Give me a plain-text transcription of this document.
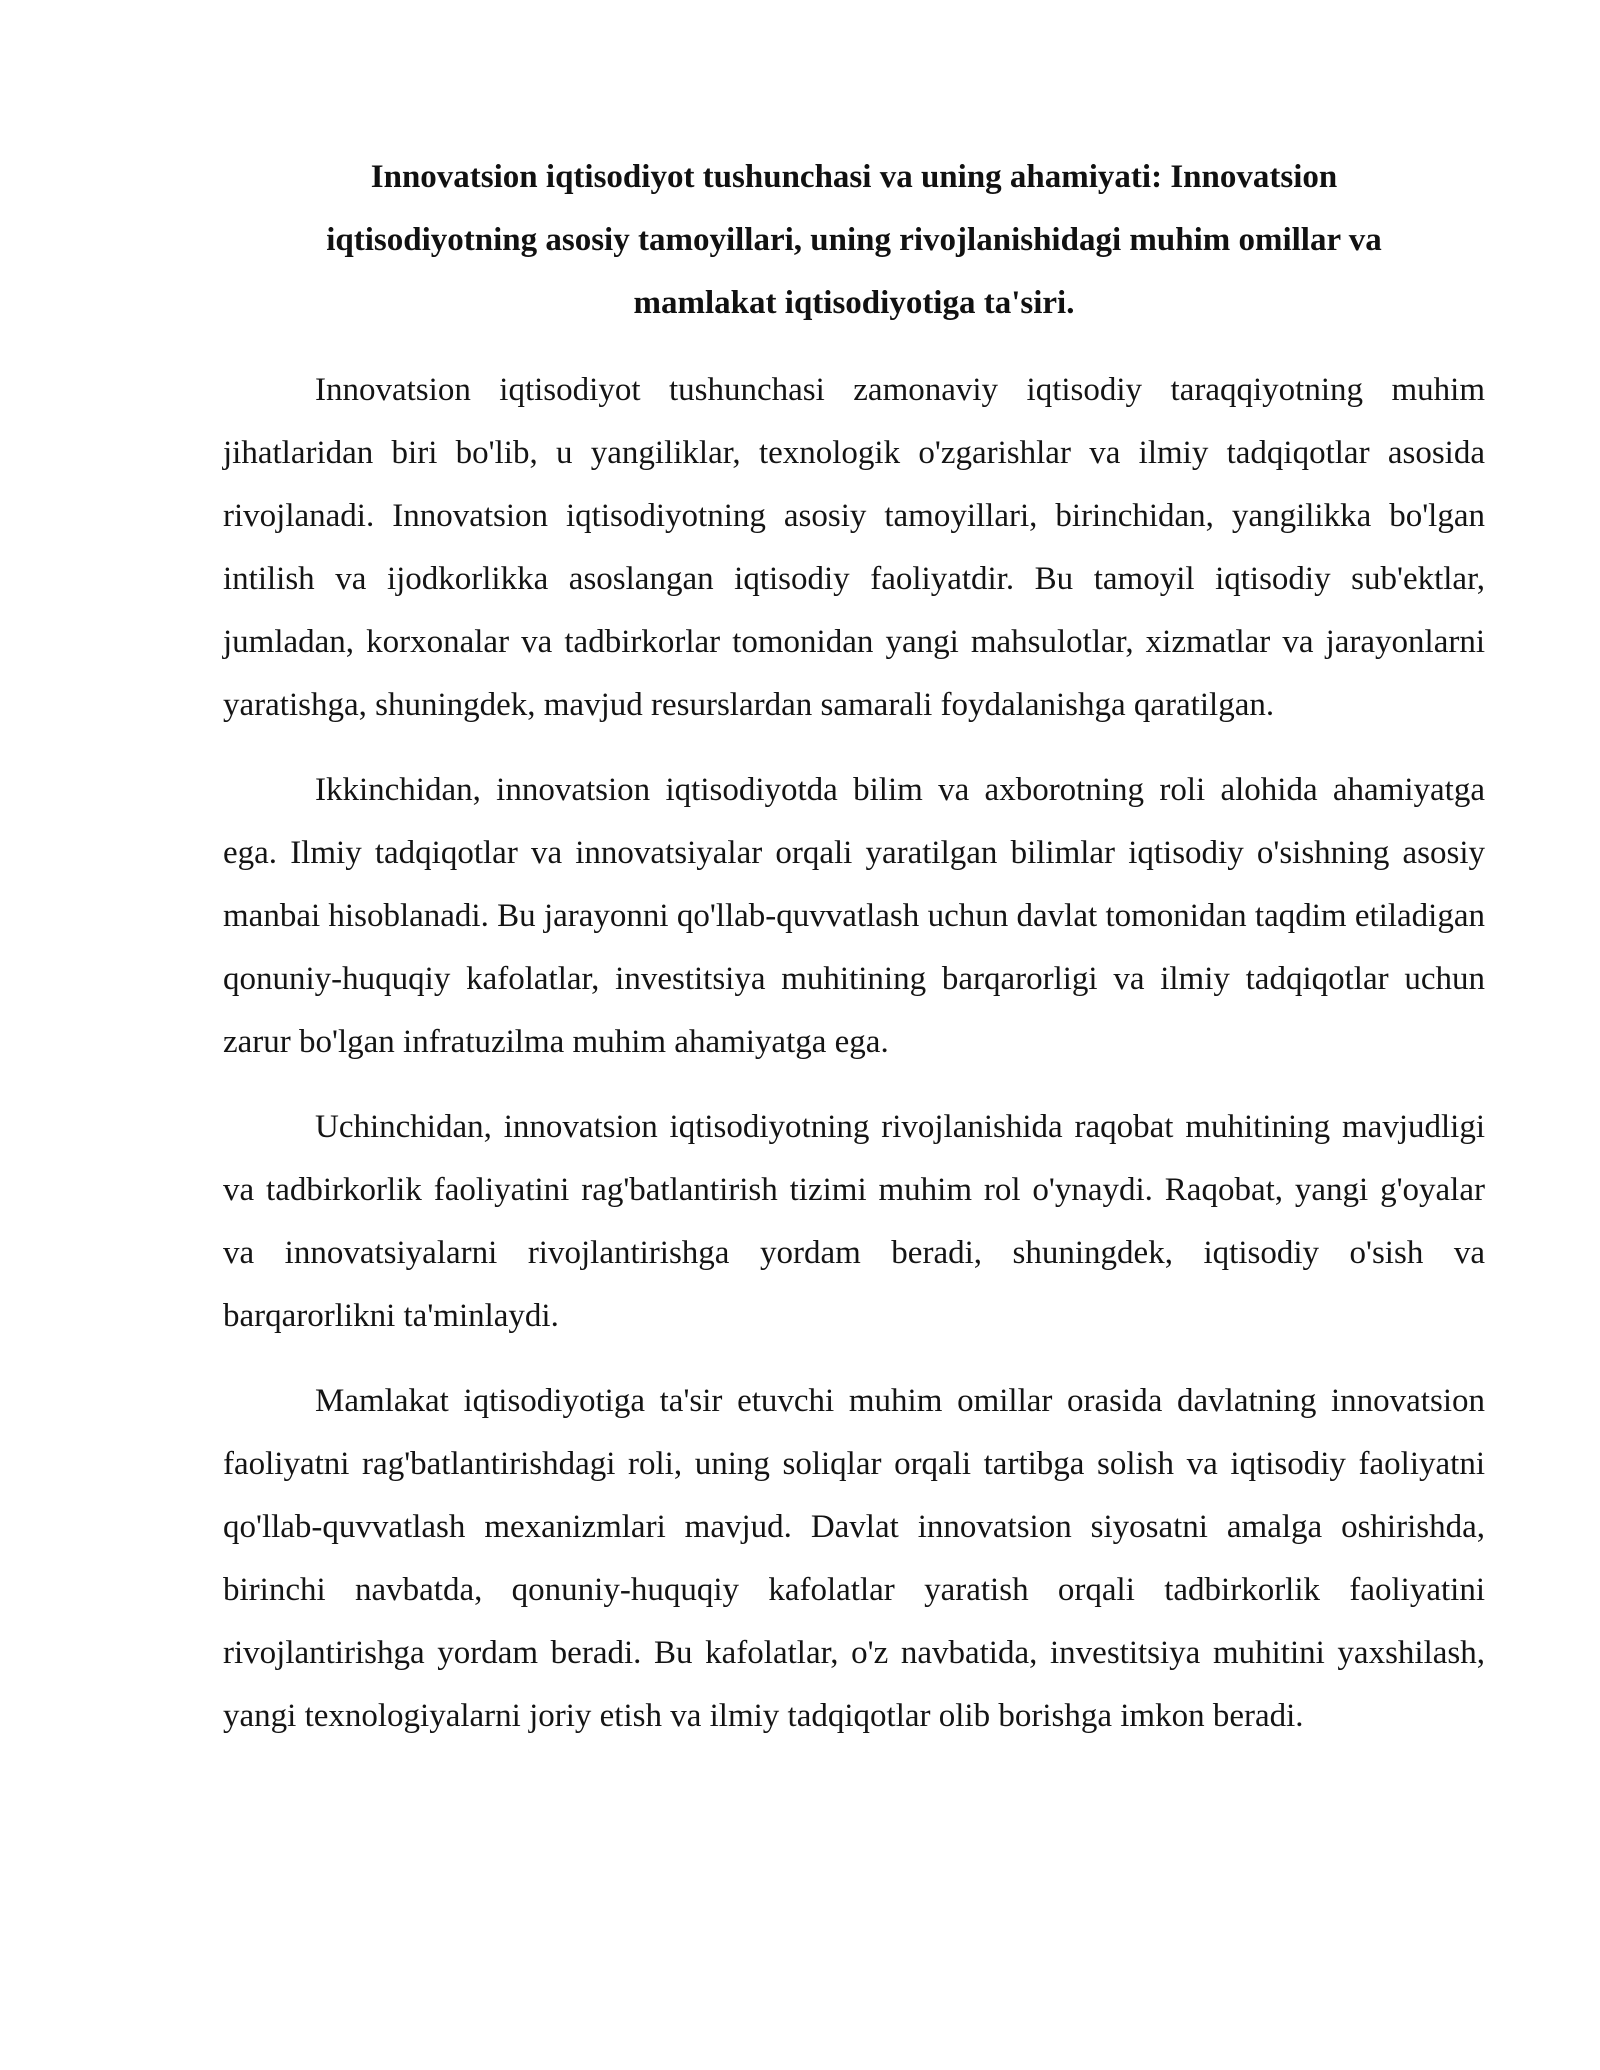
Innovatsion iqtisodiyot tushunchasi va uning ahamiyati: Innovatsion iqtisodiyotning asosiy tamoyillari, uning rivojlanishidagi muhim omillar va mamlakat iqtisodiyotiga ta'siri.

Innovatsion iqtisodiyot tushunchasi zamonaviy iqtisodiy taraqqiyotning muhim jihatlaridan biri bo'lib, u yangiliklar, texnologik o'zgarishlar va ilmiy tadqiqotlar asosida rivojlanadi. Innovatsion iqtisodiyotning asosiy tamoyillari, birinchidan, yangilikka bo'lgan intilish va ijodkorlikka asoslangan iqtisodiy faoliyatdir. Bu tamoyil iqtisodiy sub'ektlar, jumladan, korxonalar va tadbirkorlar tomonidan yangi mahsulotlar, xizmatlar va jarayonlarni yaratishga, shuningdek, mavjud resurslardan samarali foydalanishga qaratilgan.

Ikkinchidan, innovatsion iqtisodiyotda bilim va axborotning roli alohida ahamiyatga ega. Ilmiy tadqiqotlar va innovatsiyalar orqali yaratilgan bilimlar iqtisodiy o'sishning asosiy manbai hisoblanadi. Bu jarayonni qo'llab-quvvatlash uchun davlat tomonidan taqdim etiladigan qonuniy-huquqiy kafolatlar, investitsiya muhitining barqarorligi va ilmiy tadqiqotlar uchun zarur bo'lgan infratuzilma muhim ahamiyatga ega.

Uchinchidan, innovatsion iqtisodiyotning rivojlanishida raqobat muhitining mavjudligi va tadbirkorlik faoliyatini rag'batlantirish tizimi muhim rol o'ynaydi. Raqobat, yangi g'oyalar va innovatsiyalarni rivojlantirishga yordam beradi, shuningdek, iqtisodiy o'sish va barqarorlikni ta'minlaydi.

Mamlakat iqtisodiyotiga ta'sir etuvchi muhim omillar orasida davlatning innovatsion faoliyatni rag'batlantirishdagi roli, uning soliqlar orqali tartibga solish va iqtisodiy faoliyatni qo'llab-quvvatlash mexanizmlari mavjud. Davlat innovatsion siyosatni amalga oshirishda, birinchi navbatda, qonuniy-huquqiy kafolatlar yaratish orqali tadbirkorlik faoliyatini rivojlantirishga yordam beradi. Bu kafolatlar, o'z navbatida, investitsiya muhitini yaxshilash, yangi texnologiyalarni joriy etish va ilmiy tadqiqotlar olib borishga imkon beradi.
